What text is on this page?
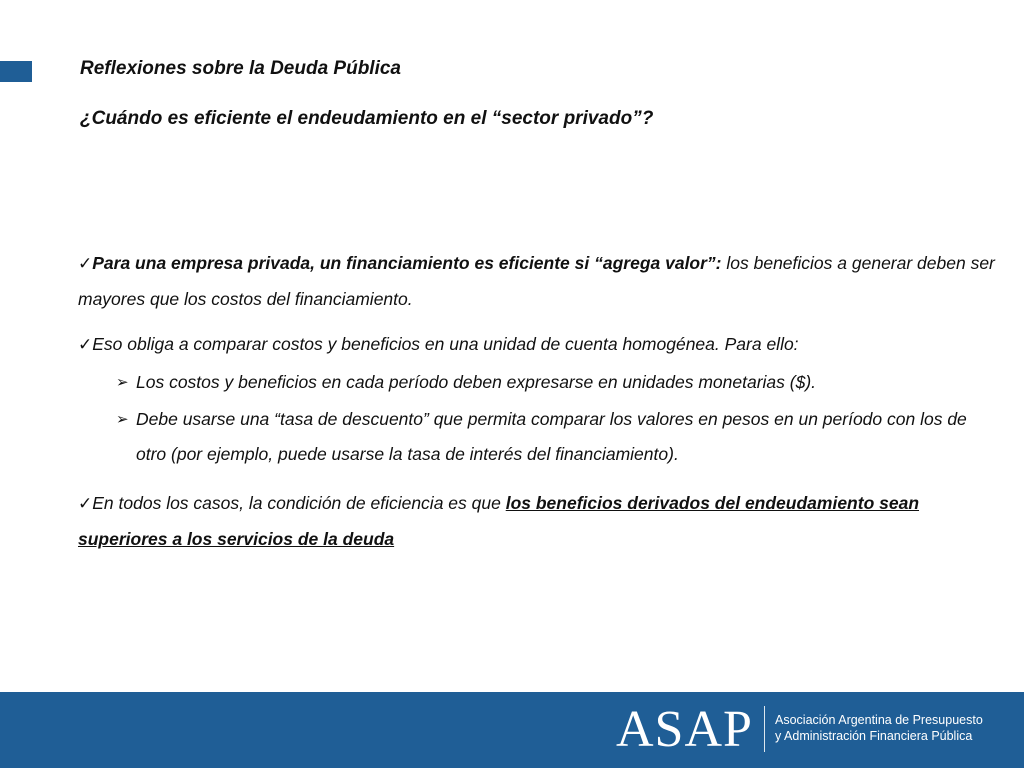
Reflexiones sobre la Deuda Pública
¿Cuándo es eficiente el endeudamiento en el “sector privado”?

✓Para una empresa privada, un financiamiento es eficiente si “agrega valor”: los beneficios a generar deben ser mayores que los costos del financiamiento.

✓Eso obliga a comparar costos y beneficios en una unidad de cuenta homogénea. Para ello:
➢ Los costos y beneficios en cada período deben expresarse en unidades monetarias ($).
➢ Debe usarse una “tasa de descuento” que permita comparar los valores en pesos en un período con los de otro (por ejemplo, puede usarse la tasa de interés del financiamiento).

✓En todos los casos, la condición de eficiencia es que los beneficios derivados del endeudamiento sean superiores a los servicios de la deuda

ASAP Asociación Argentina de Presupuesto
y Administración Financiera Pública
